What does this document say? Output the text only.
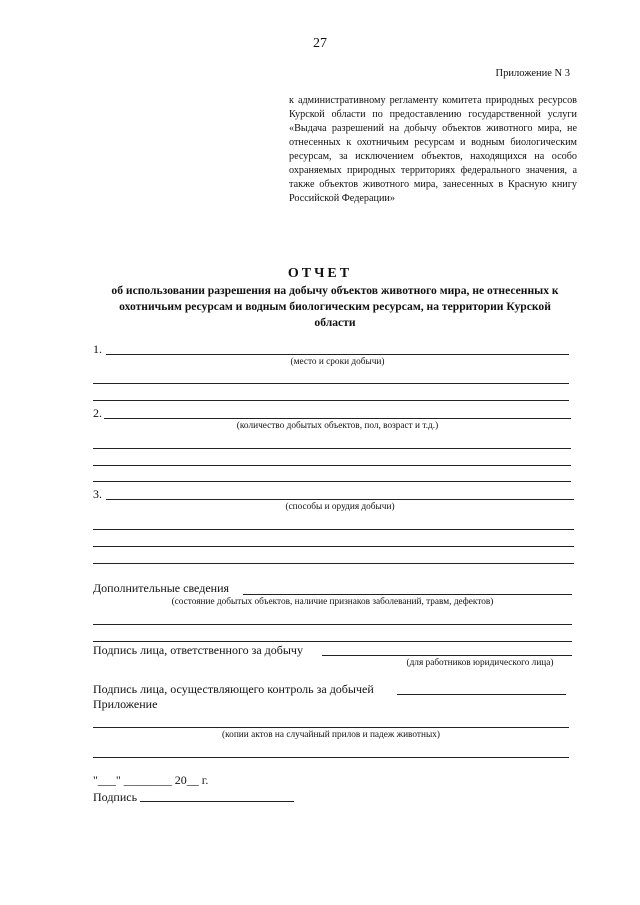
27
Приложение N 3
к административному регламенту комитета природных ресурсов Курской области по предоставлению государственной услуги «Выдача разрешений на добычу объектов животного мира, не отнесенных к охотничьим ресурсам и водным биологическим ресурсам, за исключением объектов, находящихся на особо охраняемых природных территориях федерального значения, а также объектов животного мира, занесенных в Красную книгу Российской Федерации»
ОТЧЕТ
об использовании разрешения на добычу объектов животного мира, не отнесенных к охотничьим ресурсам и водным биологическим ресурсам, на территории Курской области
1.
(место и сроки добычи)
2.
(количество добытых объектов, пол, возраст и т.д.)
3.
(способы и орудия добычи)
Дополнительные сведения
(состояние добытых объектов, наличие признаков заболеваний, травм, дефектов)
Подпись лица, ответственного за добычу
(для работников юридического лица)
Подпись лица, осуществляющего контроль за добычей
Приложение
(копии актов на случайный прилов и падеж животных)
"___" ________ 20__ г.
Подпись
